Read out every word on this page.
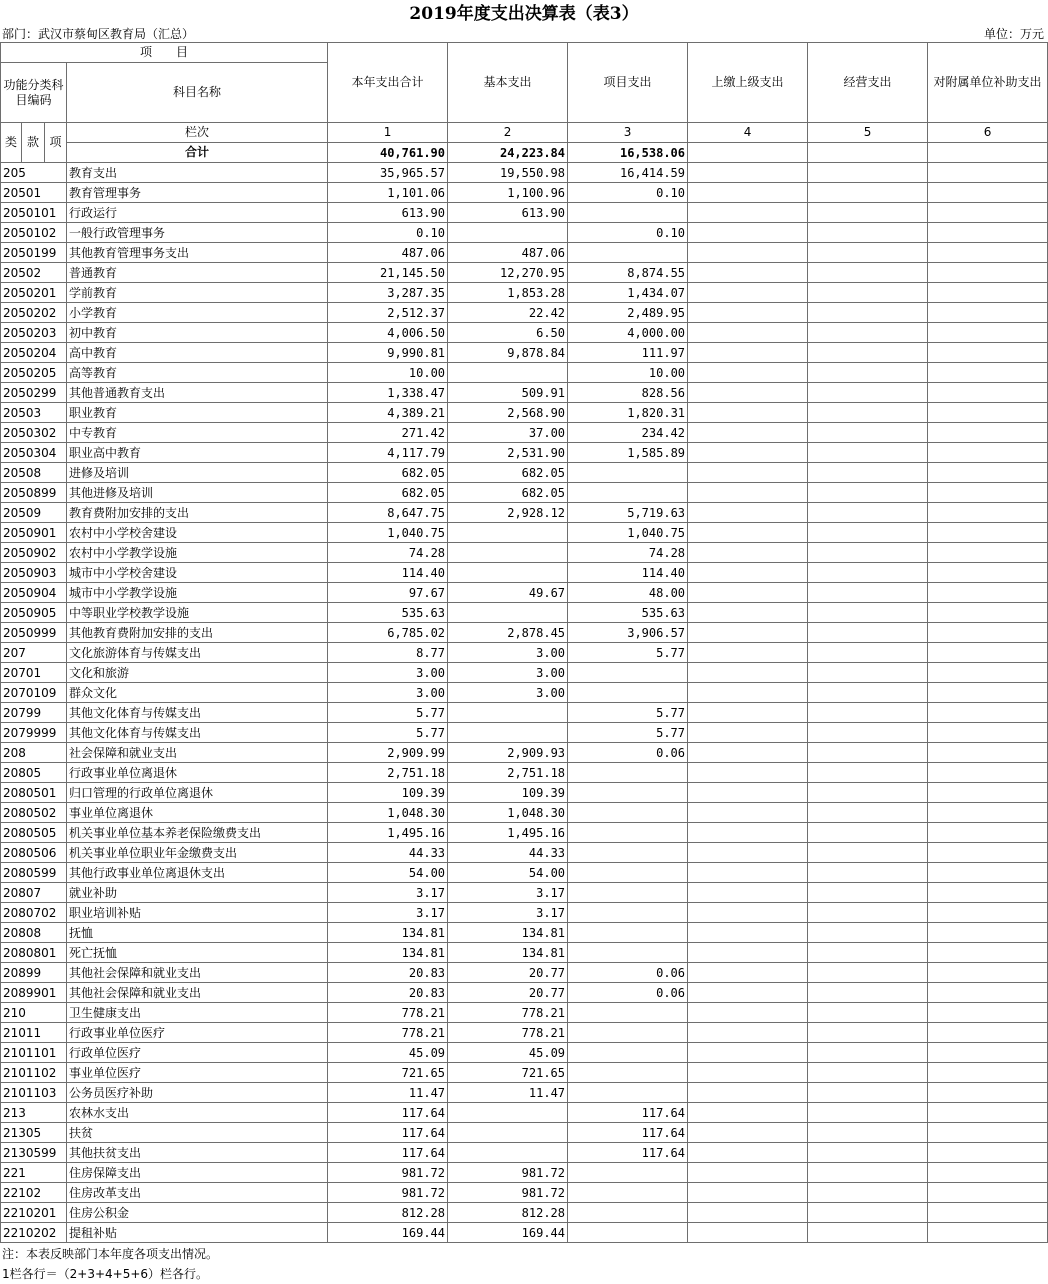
2019年度支出决算表（表3）
部门：武汉市蔡甸区教育局（汇总）	单位：万元
项　　目				本年支出合计	基本支出	项目支出	上缴上级支出	经营支出	对附属单位补助支出
功能分类科目编码			科目名称						

类	款	项	栏次	1	2	3	4	5	6
			合计	40,761.90	24,223.84	16,538.06			
205			教育支出	35,965.57	19,550.98	16,414.59			
20501			教育管理事务	1,101.06	1,100.96	0.10			
2050101			行政运行	613.90	613.90				
2050102			一般行政管理事务	0.10		0.10			
2050199			其他教育管理事务支出	487.06	487.06				
20502			普通教育	21,145.50	12,270.95	8,874.55			
2050201			学前教育	3,287.35	1,853.28	1,434.07			
2050202			小学教育	2,512.37	22.42	2,489.95			
2050203			初中教育	4,006.50	6.50	4,000.00			
2050204			高中教育	9,990.81	9,878.84	111.97			
2050205			高等教育	10.00		10.00			
2050299			其他普通教育支出	1,338.47	509.91	828.56			
20503			职业教育	4,389.21	2,568.90	1,820.31			
2050302			中专教育	271.42	37.00	234.42			
2050304			职业高中教育	4,117.79	2,531.90	1,585.89			
20508			进修及培训	682.05	682.05				
2050899			其他进修及培训	682.05	682.05				
20509			教育费附加安排的支出	8,647.75	2,928.12	5,719.63			
2050901			农村中小学校舍建设	1,040.75		1,040.75			
2050902			农村中小学教学设施	74.28		74.28			
2050903			城市中小学校舍建设	114.40		114.40			
2050904			城市中小学教学设施	97.67	49.67	48.00			
2050905			中等职业学校教学设施	535.63		535.63			
2050999			其他教育费附加安排的支出	6,785.02	2,878.45	3,906.57			
207			文化旅游体育与传媒支出	8.77	3.00	5.77			
20701			文化和旅游	3.00	3.00				
2070109			群众文化	3.00	3.00				
20799			其他文化体育与传媒支出	5.77		5.77			
2079999			其他文化体育与传媒支出	5.77		5.77			
208			社会保障和就业支出	2,909.99	2,909.93	0.06			
20805			行政事业单位离退休	2,751.18	2,751.18				
2080501			归口管理的行政单位离退休	109.39	109.39				
2080502			事业单位离退休	1,048.30	1,048.30				
2080505			机关事业单位基本养老保险缴费支出	1,495.16	1,495.16				
2080506			机关事业单位职业年金缴费支出	44.33	44.33				
2080599			其他行政事业单位离退休支出	54.00	54.00				
20807			就业补助	3.17	3.17				
2080702			职业培训补贴	3.17	3.17				
20808			抚恤	134.81	134.81				
2080801			死亡抚恤	134.81	134.81				
20899			其他社会保障和就业支出	20.83	20.77	0.06			
2089901			其他社会保障和就业支出	20.83	20.77	0.06			
210			卫生健康支出	778.21	778.21				
21011			行政事业单位医疗	778.21	778.21				
2101101			行政单位医疗	45.09	45.09				
2101102			事业单位医疗	721.65	721.65				
2101103			公务员医疗补助	11.47	11.47				
213			农林水支出	117.64		117.64			
21305			扶贫	117.64		117.64			
2130599			其他扶贫支出	117.64		117.64			
221			住房保障支出	981.72	981.72				
22102			住房改革支出	981.72	981.72				
2210201			住房公积金	812.28	812.28				
2210202			提租补贴	169.44	169.44				
注：本表反映部门本年度各项支出情况。
1栏各行＝（2+3+4+5+6）栏各行。
